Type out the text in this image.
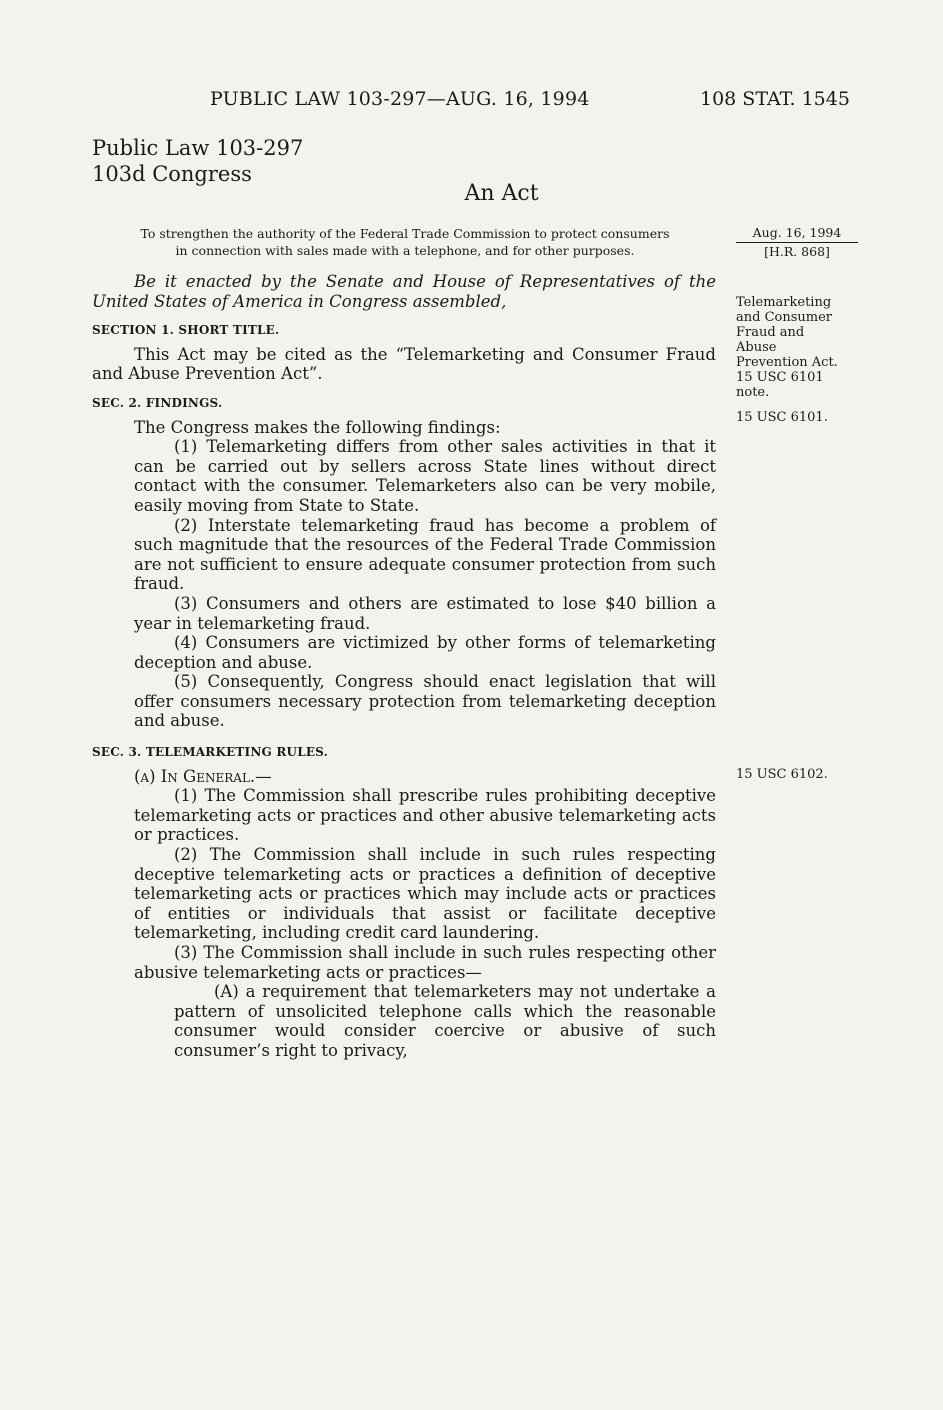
PUBLIC LAW 103-297—AUG. 16, 1994	108 STAT. 1545
Public Law 103-297
103d Congress
An Act
To strengthen the authority of the Federal Trade Commission to protect consumers
in connection with sales made with a telephone, and for other purposes.
Aug. 16, 1994
[H.R. 868]
Telemarketing
and Consumer
Fraud and
Abuse
Prevention Act.
15 USC 6101
note.
15 USC 6101.
15 USC 6102.

Be it enacted by the Senate and House of Representatives of the United States of America in Congress assembled,

SECTION 1. SHORT TITLE.

This Act may be cited as the “Telemarketing and Consumer Fraud and Abuse Prevention Act”.

SEC. 2. FINDINGS.

The Congress makes the following findings:

(1) Telemarketing differs from other sales activities in that it can be carried out by sellers across State lines without direct contact with the consumer. Telemarketers also can be very mobile, easily moving from State to State.

(2) Interstate telemarketing fraud has become a problem of such magnitude that the resources of the Federal Trade Commission are not sufficient to ensure adequate consumer protection from such fraud.

(3) Consumers and others are estimated to lose $40 billion a year in telemarketing fraud.

(4) Consumers are victimized by other forms of telemarketing deception and abuse.

(5) Consequently, Congress should enact legislation that will offer consumers necessary protection from telemarketing deception and abuse.

SEC. 3. TELEMARKETING RULES.

(a) In General.—

(1) The Commission shall prescribe rules prohibiting deceptive telemarketing acts or practices and other abusive telemarketing acts or practices.

(2) The Commission shall include in such rules respecting deceptive telemarketing acts or practices a definition of deceptive telemarketing acts or practices which may include acts or practices of entities or individuals that assist or facilitate deceptive telemarketing, including credit card laundering.

(3) The Commission shall include in such rules respecting other abusive telemarketing acts or practices—

(A) a requirement that telemarketers may not undertake a pattern of unsolicited telephone calls which the reasonable consumer would consider coercive or abusive of such consumer’s right to privacy,
